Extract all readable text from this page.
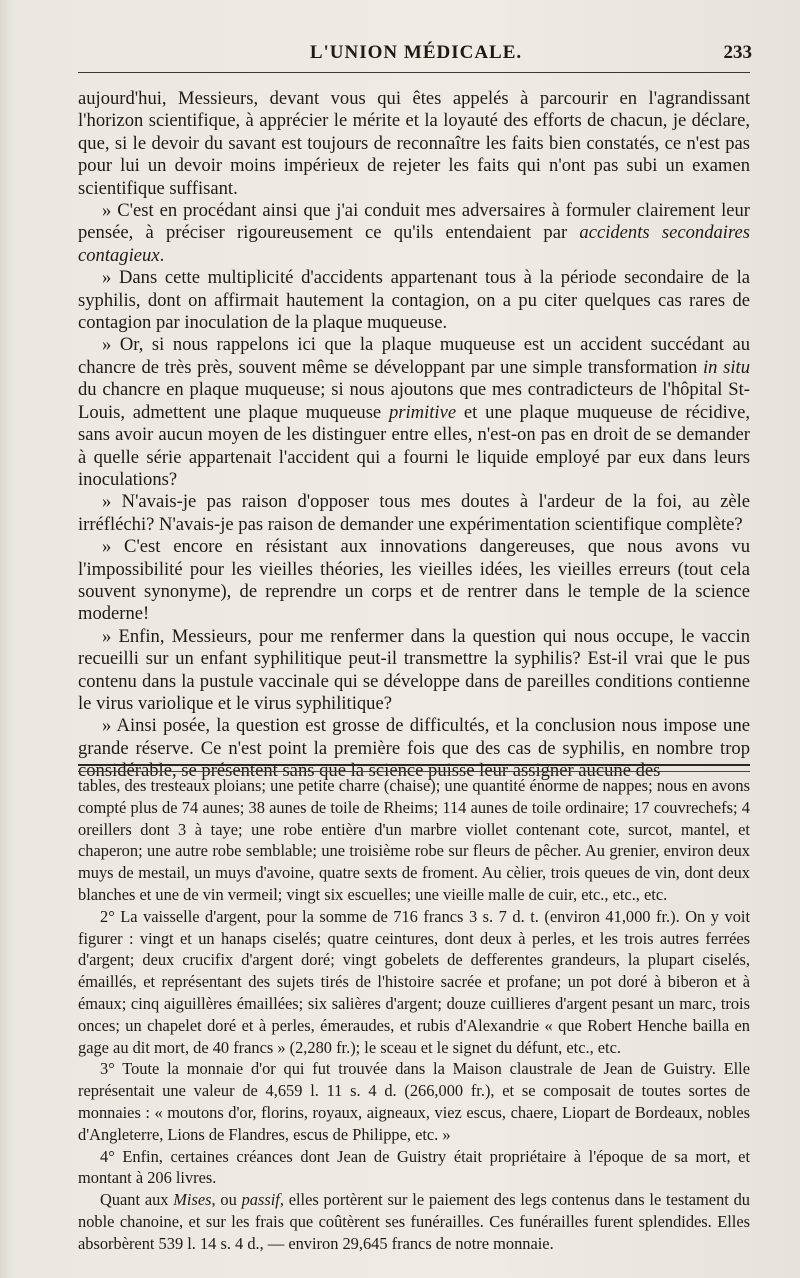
L'UNION MÉDICALE.	233

aujourd'hui, Messieurs, devant vous qui êtes appelés à parcourir en l'agrandissant l'horizon scientifique, à apprécier le mérite et la loyauté des efforts de chacun, je déclare, que, si le devoir du savant est toujours de reconnaître les faits bien constatés, ce n'est pas pour lui un devoir moins impérieux de rejeter les faits qui n'ont pas subi un examen scientifique suffisant.

» C'est en procédant ainsi que j'ai conduit mes adversaires à formuler clairement leur pensée, à préciser rigoureusement ce qu'ils entendaient par accidents secondaires contagieux.

» Dans cette multiplicité d'accidents appartenant tous à la période secondaire de la syphilis, dont on affirmait hautement la contagion, on a pu citer quelques cas rares de contagion par inoculation de la plaque muqueuse.

» Or, si nous rappelons ici que la plaque muqueuse est un accident succédant au chancre de très près, souvent même se développant par une simple transformation in situ du chancre en plaque muqueuse; si nous ajoutons que mes contradicteurs de l'hôpital St-Louis, admettent une plaque muqueuse primitive et une plaque muqueuse de récidive, sans avoir aucun moyen de les distinguer entre elles, n'est-on pas en droit de se demander à quelle série appartenait l'accident qui a fourni le liquide employé par eux dans leurs inoculations?

» N'avais-je pas raison d'opposer tous mes doutes à l'ardeur de la foi, au zèle irréfléchi? N'avais-je pas raison de demander une expérimentation scientifique complète?

» C'est encore en résistant aux innovations dangereuses, que nous avons vu l'impossibilité pour les vieilles théories, les vieilles idées, les vieilles erreurs (tout cela souvent synonyme), de reprendre un corps et de rentrer dans le temple de la science moderne!

» Enfin, Messieurs, pour me renfermer dans la question qui nous occupe, le vaccin recueilli sur un enfant syphilitique peut-il transmettre la syphilis? Est-il vrai que le pus contenu dans la pustule vaccinale qui se développe dans de pareilles conditions contienne le virus variolique et le virus syphilitique?

» Ainsi posée, la question est grosse de difficultés, et la conclusion nous impose une grande réserve. Ce n'est point la première fois que des cas de syphilis, en nombre trop considérable, se présentent sans que la science puisse leur assigner aucune des

tables, des tresteaux ploians; une petite charre (chaise); une quantité énorme de nappes; nous en avons compté plus de 74 aunes; 38 aunes de toile de Rheims; 114 aunes de toile ordinaire; 17 couvrechefs; 4 oreillers dont 3 à taye; une robe entière d'un marbre viollet contenant cote, surcot, mantel, et chaperon; une autre robe semblable; une troisième robe sur fleurs de pêcher. Au grenier, environ deux muys de mestail, un muys d'avoine, quatre sexts de froment. Au cèlier, trois queues de vin, dont deux blanches et une de vin vermeil; vingt six escuelles; une vieille malle de cuir, etc., etc., etc.

2° La vaisselle d'argent, pour la somme de 716 francs 3 s. 7 d. t. (environ 41,000 fr.). On y voit figurer : vingt et un hanaps ciselés; quatre ceintures, dont deux à perles, et les trois autres ferrées d'argent; deux crucifix d'argent doré; vingt gobelets de defferentes grandeurs, la plupart ciselés, émaillés, et représentant des sujets tirés de l'histoire sacrée et profane; un pot doré à biberon et à émaux; cinq aiguillères émaillées; six salières d'argent; douze cuillieres d'argent pesant un marc, trois onces; un chapelet doré et à perles, émeraudes, et rubis d'Alexandrie « que Robert Henche bailla en gage au dit mort, de 40 francs » (2,280 fr.); le sceau et le signet du défunt, etc., etc.

3° Toute la monnaie d'or qui fut trouvée dans la Maison claustrale de Jean de Guistry. Elle représentait une valeur de 4,659 l. 11 s. 4 d. (266,000 fr.), et se composait de toutes sortes de monnaies : « moutons d'or, florins, royaux, aigneaux, viez escus, chaere, Liopart de Bordeaux, nobles d'Angleterre, Lions de Flandres, escus de Philippe, etc. »

4° Enfin, certaines créances dont Jean de Guistry était propriétaire à l'époque de sa mort, et montant à 206 livres.

Quant aux Mises, ou passif, elles portèrent sur le paiement des legs contenus dans le testament du noble chanoine, et sur les frais que coûtèrent ses funérailles. Ces funérailles furent splendides. Elles absorbèrent 539 l. 14 s. 4 d., — environ 29,645 francs de notre monnaie.
